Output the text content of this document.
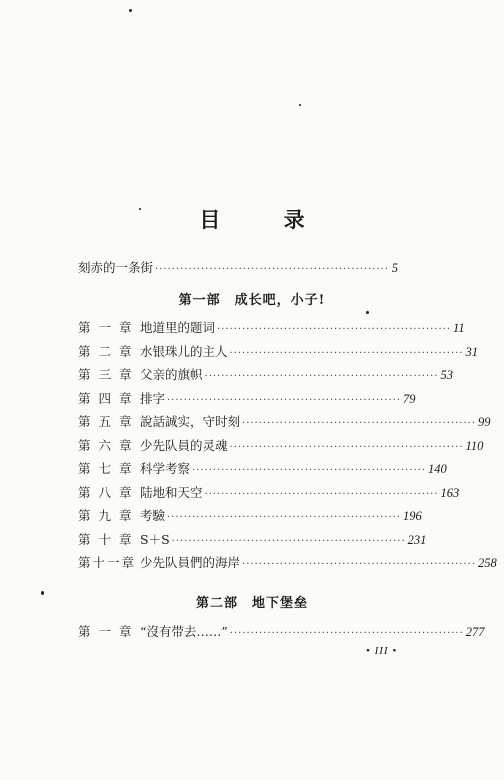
目 录
刻赤的一条街 ························································ 5
第一部 成长吧，小子!
第 一 章 地道里的题词 ························································ 11
第 二 章 水银珠儿的主人 ························································ 31
第 三 章 父亲的旗帜 ························································ 53
第 四 章 排字 ························································ 79
第 五 章 說話誠实，守时刻 ························································ 99
第 六 章 少先队員的灵魂 ························································ 110
第 七 章 科学考察 ························································ 140
第 八 章 陆地和天空 ························································ 163
第 九 章 考驗 ························································ 196
第 十 章 S＋S ························································ 231
第十一章 少先队員們的海岸 ························································ 258
第二部 地下堡垒
第 一 章 “沒有带去……” ························································ 277
• III •
